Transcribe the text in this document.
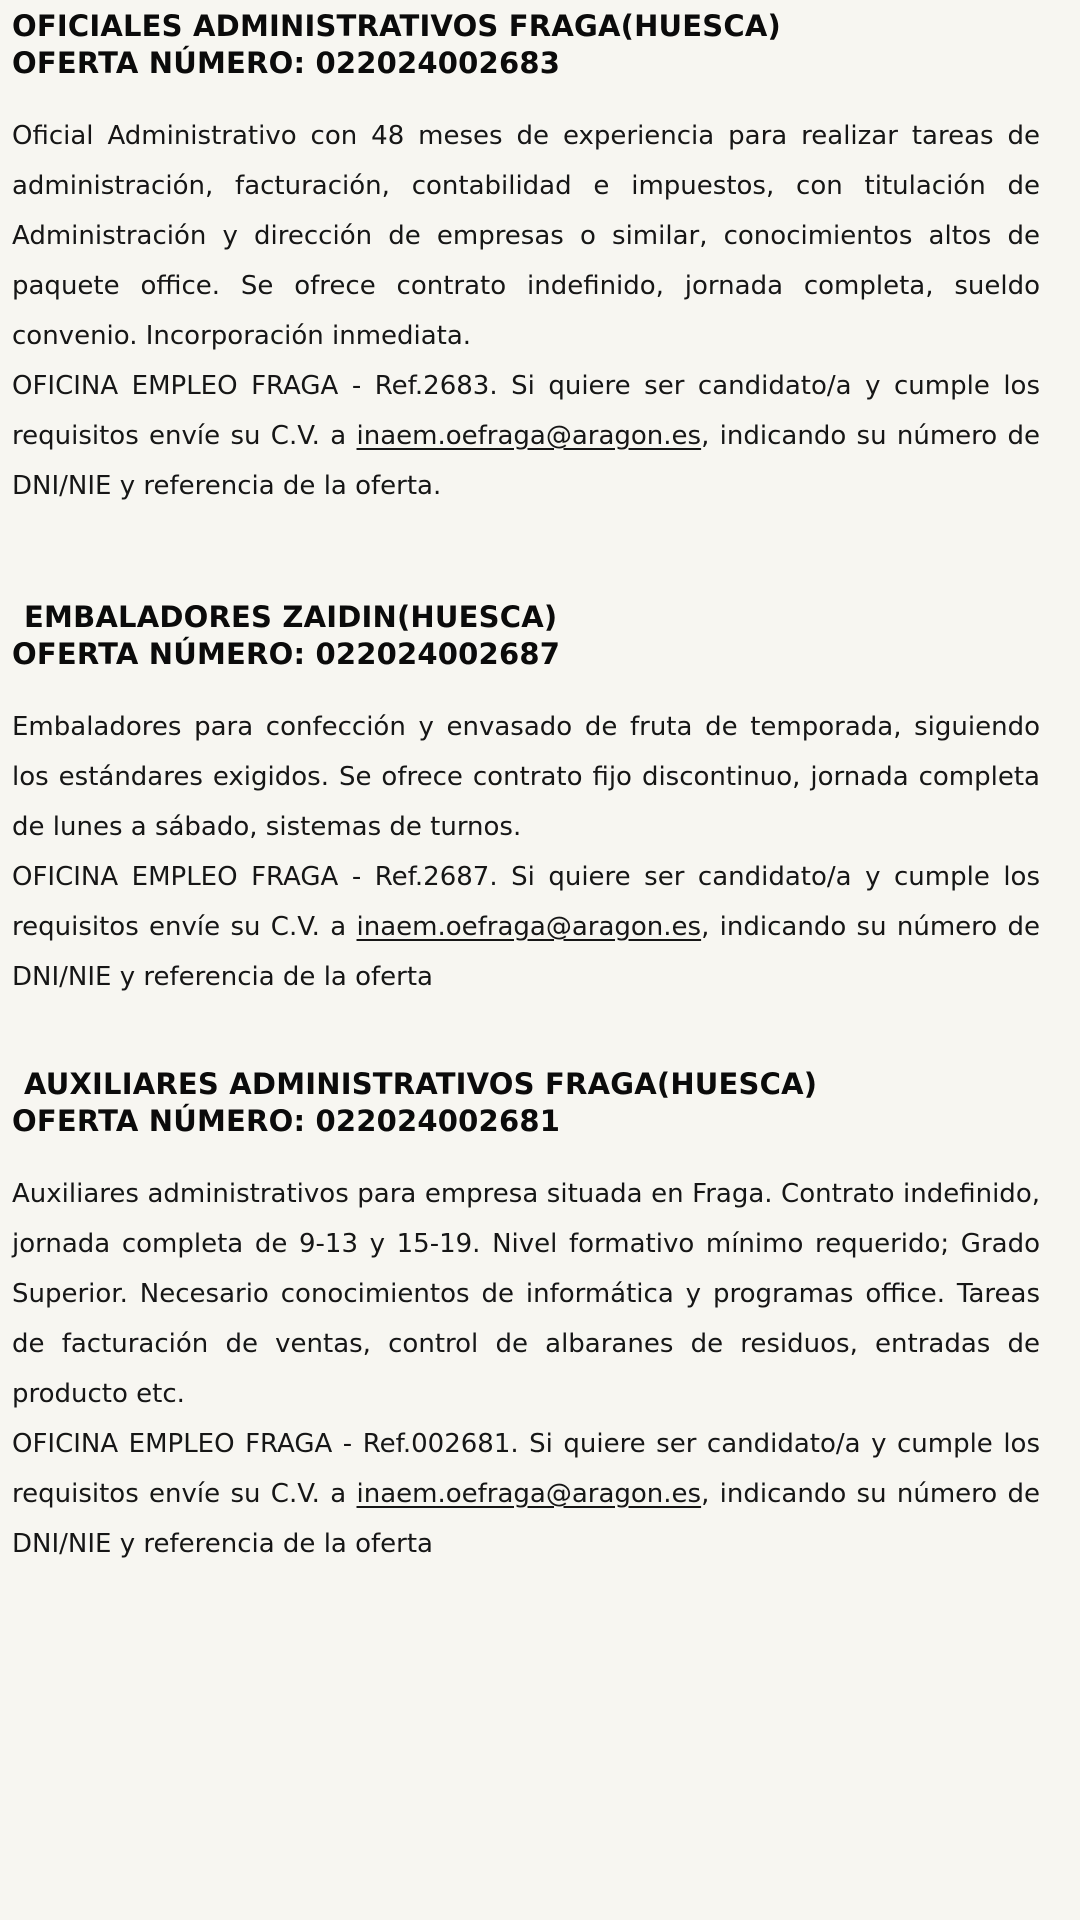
OFICIALES ADMINISTRATIVOS FRAGA(HUESCA)
OFERTA NÚMERO: 022024002683

Oficial Administrativo con 48 meses de experiencia para realizar tareas de administración, facturación, contabilidad e impuestos, con titulación de Administración y dirección de empresas o similar, conocimientos altos de paquete office. Se ofrece contrato indefinido, jornada completa, sueldo convenio. Incorporación inmediata.

OFICINA EMPLEO FRAGA - Ref.2683. Si quiere ser candidato/a y cumple los requisitos envíe su C.V. a inaem.oefraga@aragon.es, indicando su número de DNI/NIE y referencia de la oferta.

EMBALADORES ZAIDIN(HUESCA)
OFERTA NÚMERO: 022024002687

Embaladores para confección y envasado de fruta de temporada, siguiendo los estándares exigidos. Se ofrece contrato fijo discontinuo, jornada completa de lunes a sábado, sistemas de turnos.

OFICINA EMPLEO FRAGA - Ref.2687. Si quiere ser candidato/a y cumple los requisitos envíe su C.V. a inaem.oefraga@aragon.es, indicando su número de DNI/NIE y referencia de la oferta

AUXILIARES ADMINISTRATIVOS FRAGA(HUESCA)
OFERTA NÚMERO: 022024002681

Auxiliares administrativos para empresa situada en Fraga. Contrato indefinido, jornada completa de 9-13 y 15-19. Nivel formativo mínimo requerido; Grado Superior. Necesario conocimientos de informática y programas office. Tareas de facturación de ventas, control de albaranes de residuos, entradas de producto etc.

OFICINA EMPLEO FRAGA - Ref.002681. Si quiere ser candidato/a y cumple los requisitos envíe su C.V. a inaem.oefraga@aragon.es, indicando su número de DNI/NIE y referencia de la oferta
